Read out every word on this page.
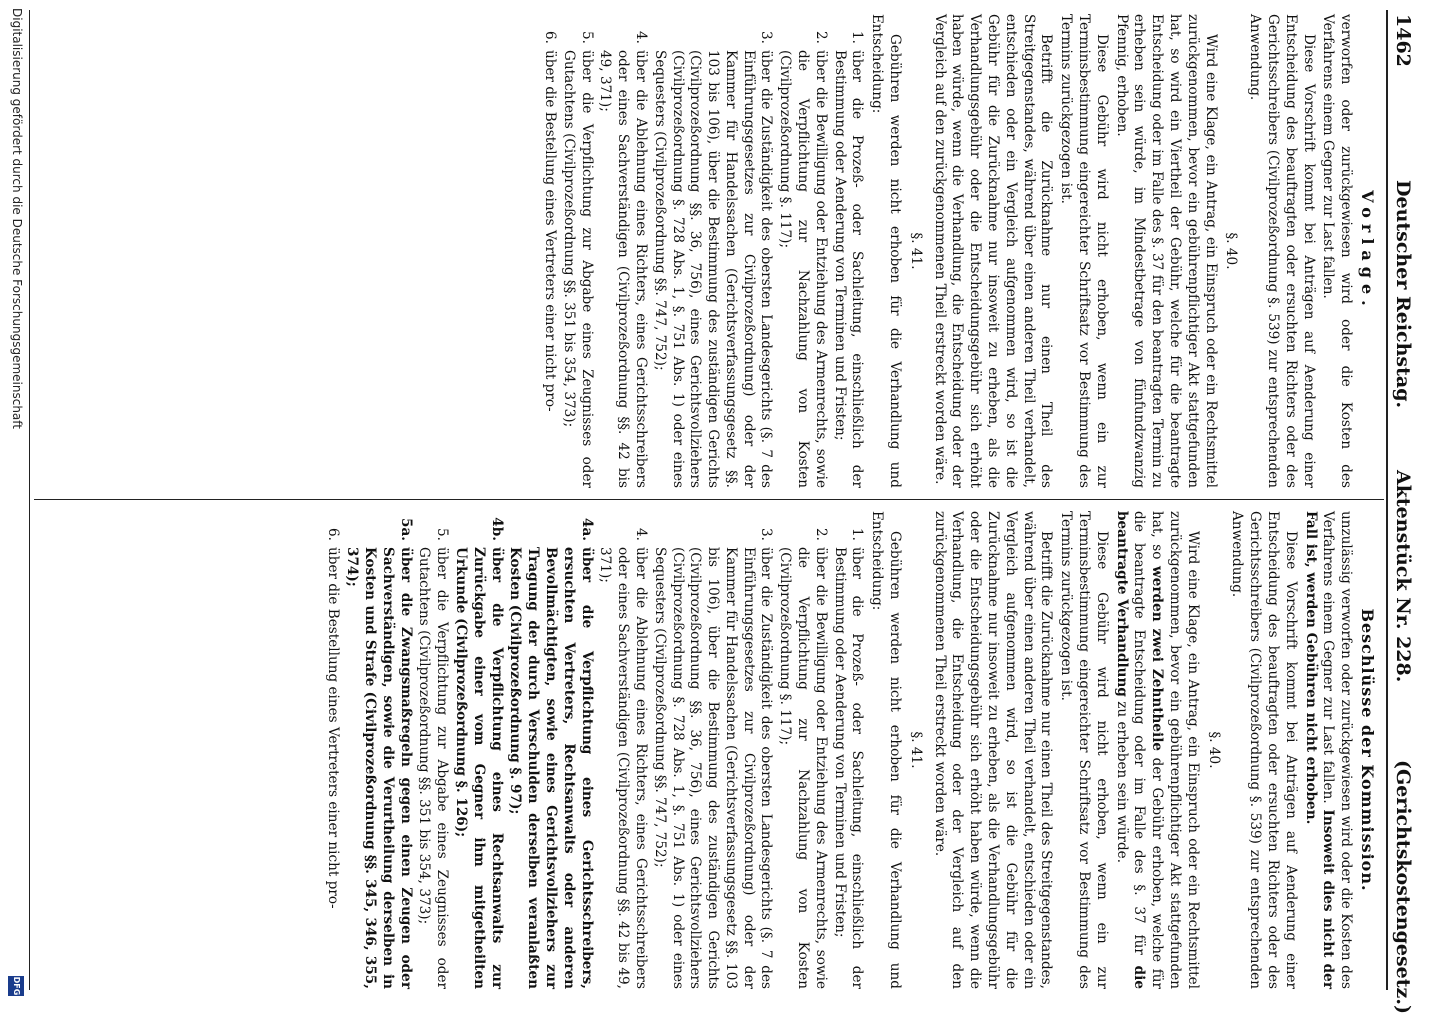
1462
Deutscher Reichstag.
Aktenstück Nr. 228.
(Gerichtskostengesetz.)
Vorlage.

verworfen oder zurückgewiesen wird oder die Kosten des Verfahrens einem Gegner zur Last fallen.

Diese Vorschrift kommt bei Anträgen auf Aenderung einer Entscheidung des beauftragten oder ersuchten Richters oder des Gerichtsschreibers (Civilprozeßordnung §. 539) zur entsprechenden Anwendung.

§. 40.

Wird eine Klage, ein Antrag, ein Einspruch oder ein Rechtsmittel zurückgenommen, bevor ein gebührenpflichtiger Akt stattgefunden hat, so wird ein Viertheil der Gebühr, welche für die beantragte Entscheidung oder im Falle des §. 37 für den beantragten Termin zu erheben sein würde, im Mindestbetrage von fünfundzwanzig Pfennig, erhoben.

Diese Gebühr wird nicht erhoben, wenn ein zur Terminsbestimmung eingereichter Schriftsatz vor Bestimmung des Termins zurückgezogen ist.

Betrifft die Zurücknahme nur einen Theil des Streitgegenstandes, während über einen anderen Theil verhandelt, entschieden oder ein Vergleich aufgenommen wird, so ist die Gebühr für die Zurücknahme nur insoweit zu erheben, als die Verhandlungsgebühr oder die Entscheidungsgebühr sich erhöht haben würde, wenn die Verhandlung, die Entscheidung oder der Vergleich auf den zurückgenommenen Theil erstreckt worden wäre.

§. 41.

Gebühren werden nicht erhoben für die Verhandlung und Entscheidung:

1.
über die Prozeß- oder Sachleitung, einschließlich der Bestimmung oder Aenderung von Terminen und Fristen;
2.
über die Bewilligung oder Entziehung des Armenrechts, sowie die Verpflichtung zur Nachzahlung von Kosten (Civilprozeßordnung §. 117);
3.
über die Zuständigkeit des obersten Landesgerichts (§. 7 des Einführungsgesetzes zur Civilprozeßordnung) oder der Kammer für Handelssachen (Gerichtsverfassungsgesetz §§. 103 bis 106), über die Bestimmung des zuständigen Gerichts (Civilprozeßordnung §§. 36, 756), eines Gerichtsvollziehers (Civilprozeßordnung §. 728 Abs. 1, §. 751 Abs. 1) oder eines Sequesters (Civilprozeßordnung §§. 747, 752);
4.
über die Ablehnung eines Richters, eines Gerichtsschreibers oder eines Sachverständigen (Civilprozeßordnung §§. 42 bis 49, 371);
5.
über die Verpflichtung zur Abgabe eines Zeugnisses oder Gutachtens (Civilprozeßordnung §§. 351 bis 354, 373);
6.
über die Bestellung eines Vertreters einer nicht pro-
Beschlüsse der Kommission.

unzulässig verworfen oder zurückgewiesen wird oder die Kosten des Verfahrens einem Gegner zur Last fallen. Insoweit dies nicht der Fall ist, werden Gebühren nicht erhoben.

Diese Vorschrift kommt bei Anträgen auf Aenderung einer Entscheidung des beauftragten oder ersuchten Richters oder des Gerichtsschreibers (Civilprozeßordnung §. 539) zur entsprechenden Anwendung.

§. 40.

Wird eine Klage, ein Antrag, ein Einspruch oder ein Rechtsmittel zurückgenommen, bevor ein gebührenpflichtiger Akt stattgefunden hat, so werden zwei Zehntheile der Gebühr erhoben, welche für die beantragte Entscheidung oder im Falle des §. 37 für die beantragte Verhandlung zu erheben sein würde.

Diese Gebühr wird nicht erhoben, wenn ein zur Terminsbestimmung eingereichter Schriftsatz vor Bestimmung des Termins zurückgezogen ist.

Betrifft die Zurücknahme nur einen Theil des Streitgegenstandes, während über einen anderen Theil verhandelt, entschieden oder ein Vergleich aufgenommen wird, so ist die Gebühr für die Zurücknahme nur insoweit zu erheben, als die Verhandlungsgebühr oder die Entscheidungsgebühr sich erhöht haben würde, wenn die Verhandlung, die Entscheidung oder der Vergleich auf den zurückgenommenen Theil erstreckt worden wäre.

§. 41.

Gebühren werden nicht erhoben für die Verhandlung und Entscheidung:

1.
über die Prozeß- oder Sachleitung, einschließlich der Bestimmung oder Aenderung von Terminen und Fristen;
2.
über die Bewilligung oder Entziehung des Armenrechts, sowie die Verpflichtung zur Nachzahlung von Kosten (Civilprozeßordnung §. 117);
3.
über die Zuständigkeit des obersten Landesgerichts (§. 7 des Einführungsgesetzes zur Civilprozeßordnung) oder der Kammer für Handelssachen (Gerichtsverfassungsgesetz §§. 103 bis 106), über die Bestimmung des zuständigen Gerichts (Civilprozeßordnung §§. 36, 756), eines Gerichtsvollziehers (Civilprozeßordnung §. 728 Abs. 1, §. 751 Abs. 1) oder eines Sequesters (Civilprozeßordnung §§. 747, 752);
4.
über die Ablehnung eines Richters, eines Gerichtsschreibers oder eines Sachverständigen (Civilprozeßordnung §§. 42 bis 49, 371);
4a.
über die Verpflichtung eines Gerichtsschreibers, ersuchten Vertreters, Rechtsanwalts oder anderen Bevollmächtigten, sowie eines Gerichtsvollziehers zur Tragung der durch Verschulden derselben veranlaßten Kosten (Civilprozeßordnung §. 97);
4b.
über die Verpflichtung eines Rechtsanwalts zur Zurückgabe einer vom Gegner ihm mitgetheilten Urkunde (Civilprozeßordnung §. 126);
5.
über die Verpflichtung zur Abgabe eines Zeugnisses oder Gutachtens (Civilprozeßordnung §§. 351 bis 354, 373);
5a.
über die Zwangsmaßregeln gegen einen Zeugen oder Sachverständigen, sowie die Verurtheilung derselben in Kosten und Strafe (Civilprozeßordnung §§. 345, 346, 355, 374);
6.
über die Bestellung eines Vertreters einer nicht pro-
Digitalisierung gefördert durch die Deutsche Forschungsgemeinschaft
DFG
